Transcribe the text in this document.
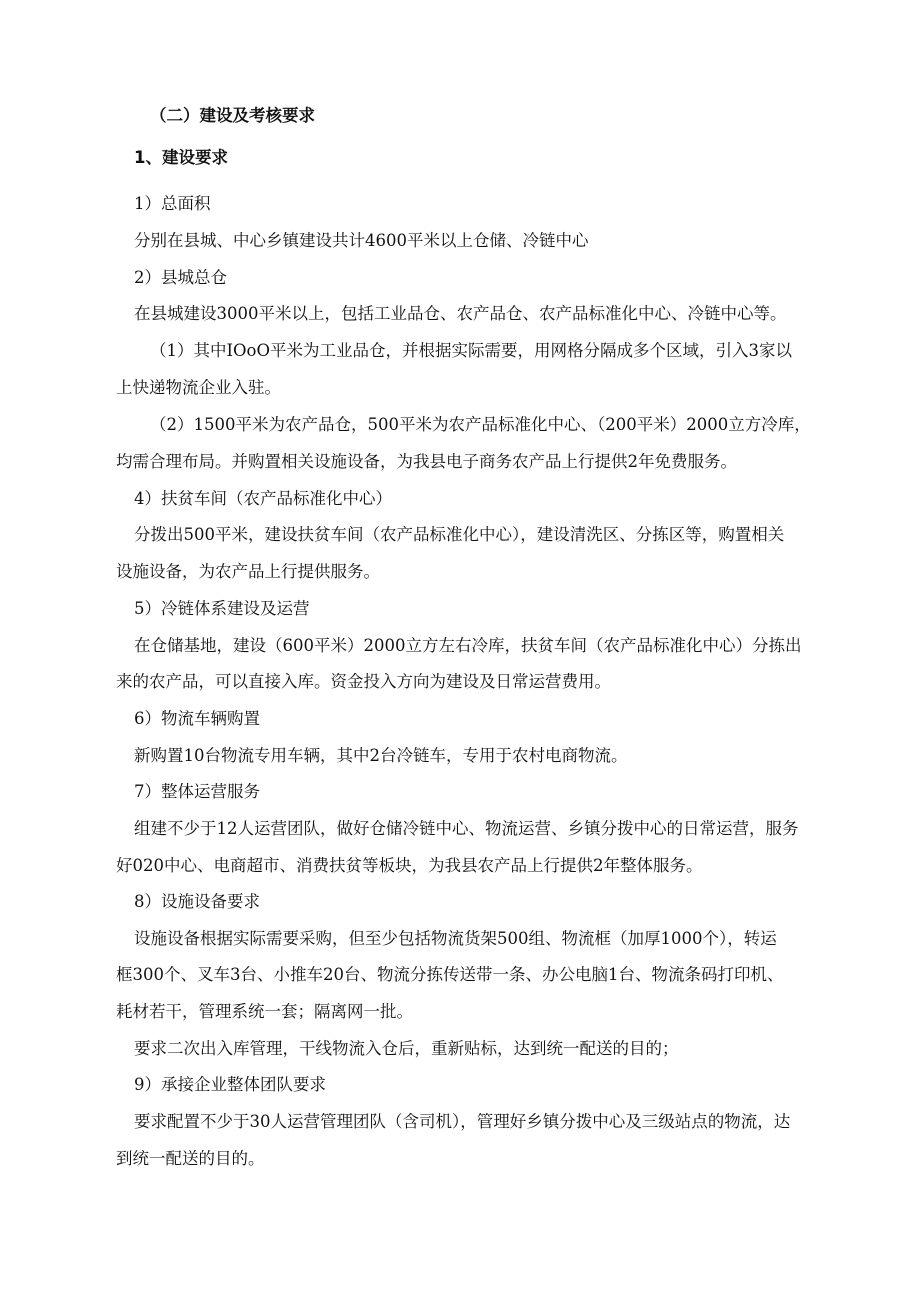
（二）建设及考核要求
1、建设要求
1）总面积
分别在县城、中心乡镇建设共计4600平米以上仓储、冷链中心
2）县城总仓
在县城建设3000平米以上，包括工业品仓、农产品仓、农产品标准化中心、冷链中心等。
（1）其中IOoO平米为工业品仓，并根据实际需要，用网格分隔成多个区域，引入3家以
上快递物流企业入驻。
（2）1500平米为农产品仓，500平米为农产品标准化中心、（200平米）2000立方冷库，
均需合理布局。并购置相关设施设备，为我县电子商务农产品上行提供2年免费服务。
4）扶贫车间（农产品标准化中心）
分拨出500平米，建设扶贫车间（农产品标准化中心），建设清洗区、分拣区等，购置相关
设施设备，为农产品上行提供服务。
5）冷链体系建设及运营
在仓储基地，建设（600平米）2000立方左右冷库，扶贫车间（农产品标准化中心）分拣出
来的农产品，可以直接入库。资金投入方向为建设及日常运营费用。
6）物流车辆购置
新购置10台物流专用车辆，其中2台冷链车，专用于农村电商物流。
7）整体运营服务
组建不少于12人运营团队，做好仓储冷链中心、物流运营、乡镇分拨中心的日常运营，服务
好020中心、电商超市、消费扶贫等板块，为我县农产品上行提供2年整体服务。
8）设施设备要求
设施设备根据实际需要采购，但至少包括物流货架500组、物流框（加厚1000个），转运
框300个、叉车3台、小推车20台、物流分拣传送带一条、办公电脑1台、物流条码打印机、
耗材若干，管理系统一套；隔离网一批。
要求二次出入库管理，干线物流入仓后，重新贴标，达到统一配送的目的；
9）承接企业整体团队要求
要求配置不少于30人运营管理团队（含司机），管理好乡镇分拨中心及三级站点的物流，达
到统一配送的目的。
